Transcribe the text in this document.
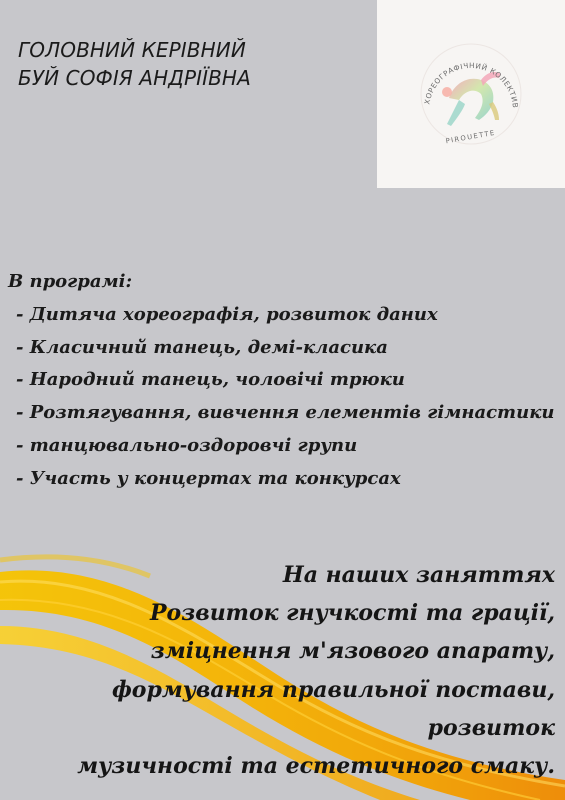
ГОЛОВНИЙ КЕРІВНИЙ
БУЙ СОФІЯ АНДРІЇВНА
ХОРЕОГРАФІЧНИЙ КОЛЕКТИВ
PIROUETTE
В програмі:
- Дитяча хореографія, розвиток даних
- Класичний танець, демі-класика
- Народний танець, чоловічі трюки
- Розтягування, вивчення елементів гімнастики
- танцювально-оздоровчі групи
- Участь у концертах та конкурсах
На наших заняттях
Розвиток гнучкості та грації,
зміцнення м'язового апарату,
формування правильної постави,
розвиток
музичності та естетичного смаку.
